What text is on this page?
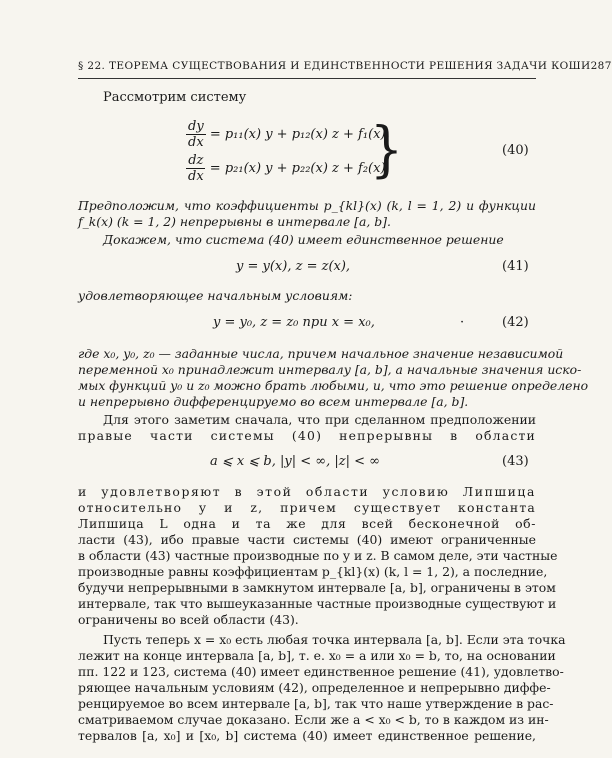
§ 22. ТЕОРЕМА СУЩЕСТВОВАНИЯ И ЕДИНСТВЕННОСТИ РЕШЕНИЯ ЗАДАЧИ КОШИ 287
Рассмотрим систему
$\frac{dy}{dx} = p_{11}(x) y + p_{12}(x) z + f_1(x)$,
$\frac{dz}{dx} = p_{21}(x) y + p_{22}(x) z + f_2(x)$.
}	(40)
Предположим, что коэффициенты p_{kl}(x) (k, l = 1, 2) и функции
f_k(x) (k = 1, 2) непрерывны в интервале [a, b].
Докажем, что система (40) имеет единственное решение
y = y(x), z = z(x),	(41)
удовлетворяющее начальным условиям:
y = y₀, z = z₀ при x = x₀,	·	(42)
где x₀, y₀, z₀ — заданные числа, причем начальное значение независимой
переменной x₀ принадлежит интервалу [a, b], а начальные значения иско-
мых функций y₀ и z₀ можно брать любыми, и, что это решение определено
и непрерывно дифференцируемо во всем интервале [a, b].
Для этого заметим сначала, что при сделанном предположении
правые части системы (40) непрерывны в области
a ⩽ x ⩽ b, |y| < ∞, |z| < ∞	(43)
и удовлетворяют в этой области условию Липшица
относительно y и z, причем существует константа
Липшица L одна и та же для всей бесконечной об-
ласти (43), ибо правые части системы (40) имеют ограниченные
в области (43) частные производные по y и z. В самом деле, эти частные
производные равны коэффициентам p_{kl}(x) (k, l = 1, 2), а последние,
будучи непрерывными в замкнутом интервале [a, b], ограничены в этом
интервале, так что вышеуказанные частные производные существуют и
ограничены во всей области (43).
Пусть теперь x = x₀ есть любая точка интервала [a, b]. Если эта точка
лежит на конце интервала [a, b], т. е. x₀ = a или x₀ = b, то, на основании
пп. 122 и 123, система (40) имеет единственное решение (41), удовлетво-
ряющее начальным условиям (42), определенное и непрерывно диффе-
ренцируемое во всем интервале [a, b], так что наше утверждение в рас-
сматриваемом случае доказано. Если же a < x₀ < b, то в каждом из ин-
тервалов [a, x₀] и [x₀, b] система (40) имеет единственное решение,
